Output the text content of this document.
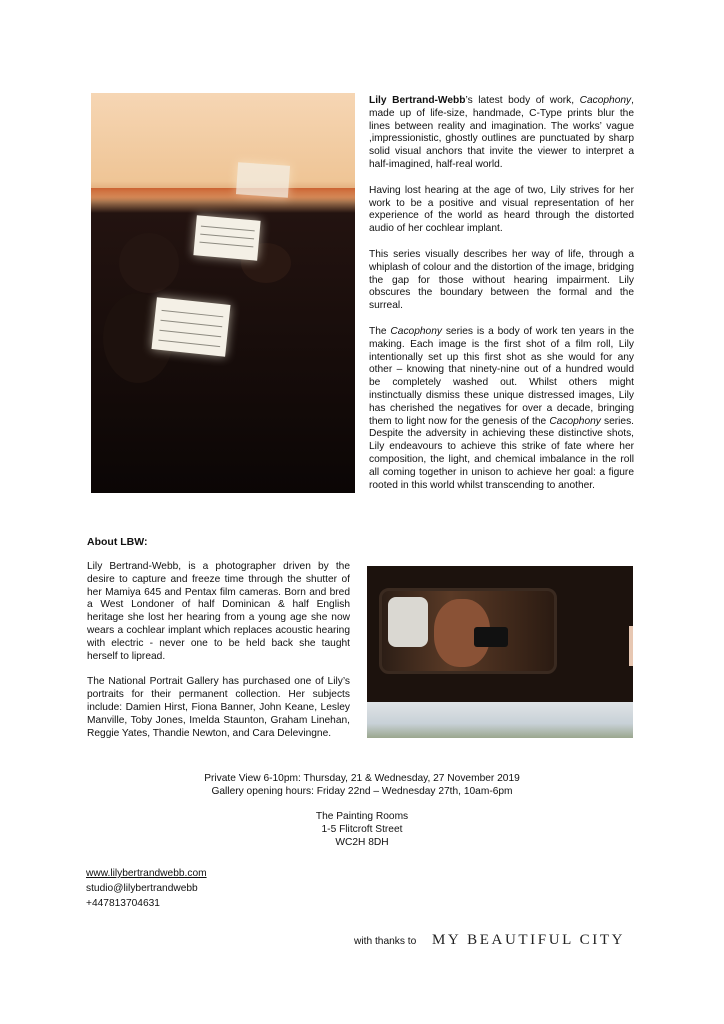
Lily Bertrand-Webb’s latest body of work, Cacophony, made up of life-size, handmade, C-Type prints blur the lines between reality and imagination. The works’ vague ,impressionistic, ghostly outlines are punctuated by sharp solid visual anchors that invite the viewer to interpret a half-imagined, half-real world.

Having lost hearing at the age of two, Lily strives for her work to be a positive and visual representation of her experience of the world as heard through the distorted audio of her cochlear implant.

This series visually describes her way of life, through a whiplash of colour and the distortion of the image, bridging the gap for those without hearing impairment. Lily obscures the boundary between the formal and the surreal.

The Cacophony series is a body of work ten years in the making. Each image is the first shot of a film roll, Lily intentionally set up this first shot as she would for any other – knowing that ninety-nine out of a hundred would be completely washed out. Whilst others might instinctually dismiss these unique distressed images, Lily has cherished the negatives for over a decade, bringing them to light now for the genesis of the Cacophony series. Despite the adversity in achieving these distinctive shots, Lily endeavours to achieve this strike of fate where her composition, the light, and chemical imbalance in the roll all coming together in unison to achieve her goal: a figure rooted in this world whilst transcending to another.

About LBW:

Lily Bertrand-Webb, is a photographer driven by the desire to capture and freeze time through the shutter of her Mamiya 645 and Pentax film cameras. Born and bred a West Londoner of half Dominican & half English heritage she lost her hearing from a young age she now wears a cochlear implant which replaces acoustic hearing with electric - never one to be held back she taught herself to lipread.

The National Portrait Gallery has purchased one of Lily’s portraits for their permanent collection. Her subjects include: Damien Hirst, Fiona Banner, John Keane, Lesley Manville, Toby Jones, Imelda Staunton, Graham Linehan, Reggie Yates, Thandie Newton, and Cara Delevingne.

Private View 6-10pm: Thursday, 21 & Wednesday, 27 November 2019
Gallery opening hours: Friday 22nd – Wednesday 27th, 10am-6pm
The Painting Rooms
1-5 Flitcroft Street
WC2H 8DH
www.lilybertrandwebb.com
studio@lilybertrandwebb
+447813704631
with thanks to MY BEAUTIFUL CITY
